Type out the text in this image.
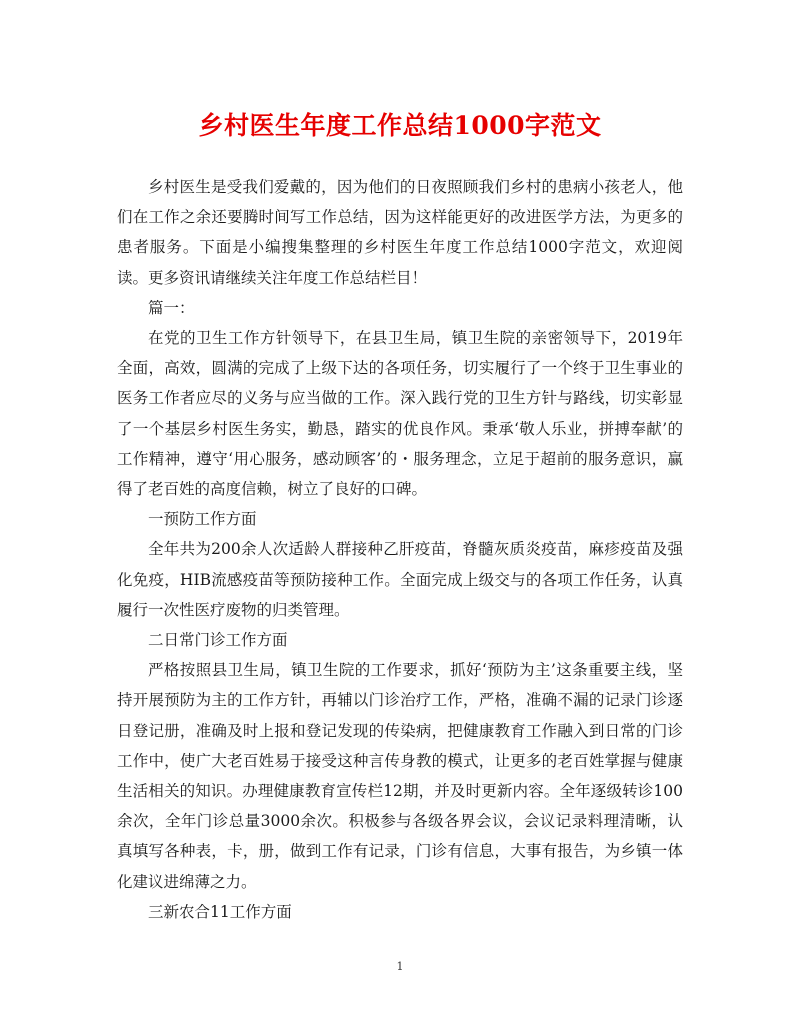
乡村医生年度工作总结1000字范文

乡村医生是受我们爱戴的，因为他们的日夜照顾我们乡村的患病小孩老人，他们在工作之余还要腾时间写工作总结，因为这样能更好的改进医学方法，为更多的患者服务。下面是小编搜集整理的乡村医生年度工作总结1000字范文，欢迎阅读。更多资讯请继续关注年度工作总结栏目！

篇一：

在党的卫生工作方针领导下，在县卫生局，镇卫生院的亲密领导下，2019年全面，高效，圆满的完成了上级下达的各项任务，切实履行了一个终于卫生事业的医务工作者应尽的义务与应当做的工作。深入践行党的卫生方针与路线，切实彰显了一个基层乡村医生务实，勤恳，踏实的优良作风。秉承‘敬人乐业，拼搏奉献’的工作精神，遵守‘用心服务，感动顾客’的・服务理念，立足于超前的服务意识，赢得了老百姓的高度信赖，树立了良好的口碑。

一预防工作方面

全年共为200余人次适龄人群接种乙肝疫苗，脊髓灰质炎疫苗，麻疹疫苗及强化免疫，HIB流感疫苗等预防接种工作。全面完成上级交与的各项工作任务，认真履行一次性医疗废物的归类管理。

二日常门诊工作方面

严格按照县卫生局，镇卫生院的工作要求，抓好‘预防为主’这条重要主线，坚持开展预防为主的工作方针，再辅以门诊治疗工作，严格，准确不漏的记录门诊逐日登记册，准确及时上报和登记发现的传染病，把健康教育工作融入到日常的门诊工作中，使广大老百姓易于接受这种言传身教的模式，让更多的老百姓掌握与健康生活相关的知识。办理健康教育宣传栏12期，并及时更新内容。全年逐级转诊100余次，全年门诊总量3000余次。积极参与各级各界会议，会议记录料理清晰，认真填写各种表，卡，册，做到工作有记录，门诊有信息，大事有报告，为乡镇一体化建议进绵薄之力。

三新农合11工作方面

1
